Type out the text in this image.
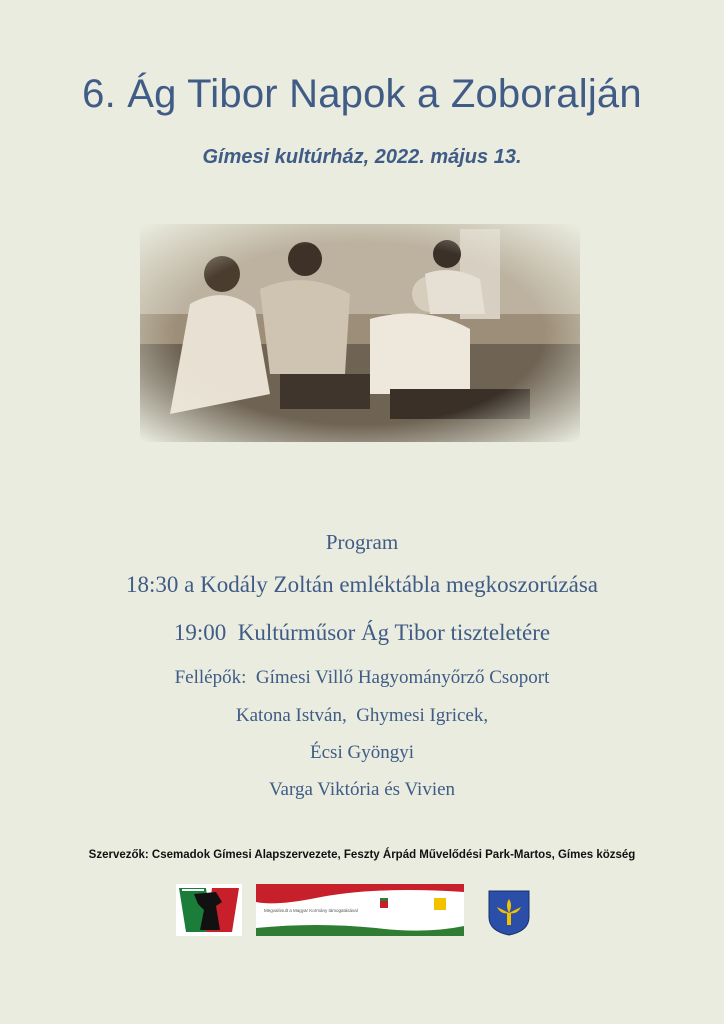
6. Ág Tibor Napok a Zoboralján
Gímesi kultúrház, 2022. május 13.
Program
18:30 a Kodály Zoltán emléktábla megkoszorúzása
19:00  Kultúrműsor Ág Tibor tiszteletére
Fellépők:  Gímesi Villő Hagyományőrző Csoport
Katona István,  Ghymesi Igricek,
Écsi Gyöngyi
Varga Viktória és Vivien
Szervezők: Csemadok Gímesi Alapszervezete, Feszty Árpád Művelődési Park-Martos, Gímes község
Megvalósult a Magyar Kormány támogatásával
